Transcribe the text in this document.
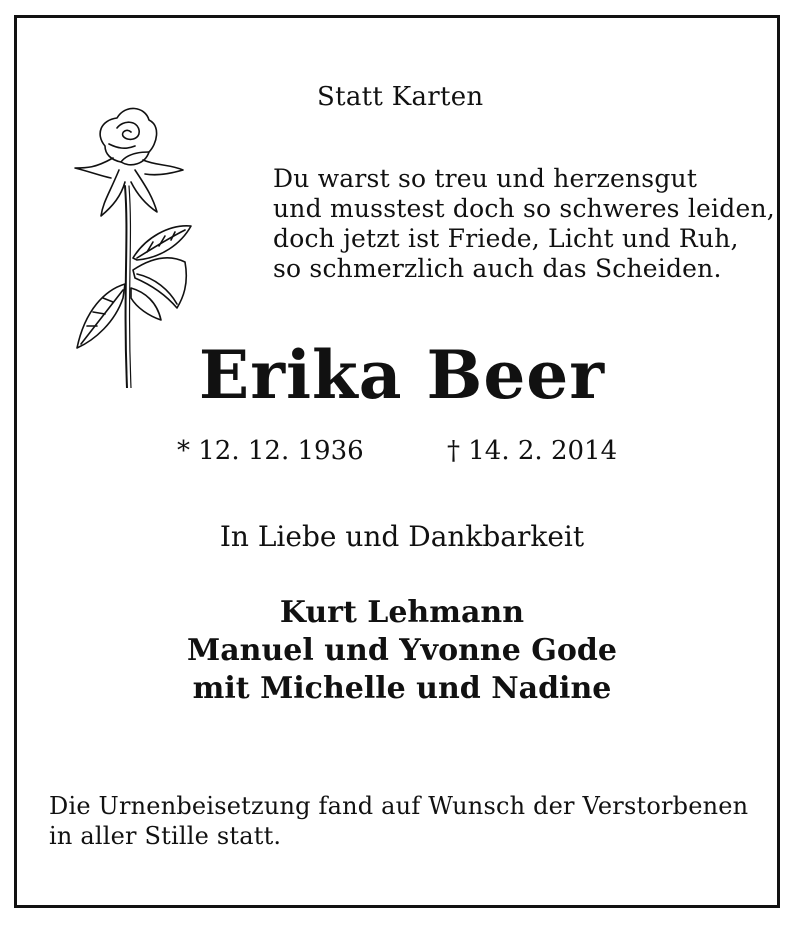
Statt Karten

Du warst so treu und herzensgut
und musstest doch so schweres leiden,
doch jetzt ist Friede, Licht und Ruh,
so schmerzlich auch das Scheiden.
Erika Beer
* 12. 12. 1936	† 14. 2. 2014

In Liebe und Dankbarkeit

Kurt Lehmann
Manuel und Yvonne Gode
mit Michelle und Nadine
Die Urnenbeisetzung fand auf Wunsch der Verstorbenen
in aller Stille statt.
